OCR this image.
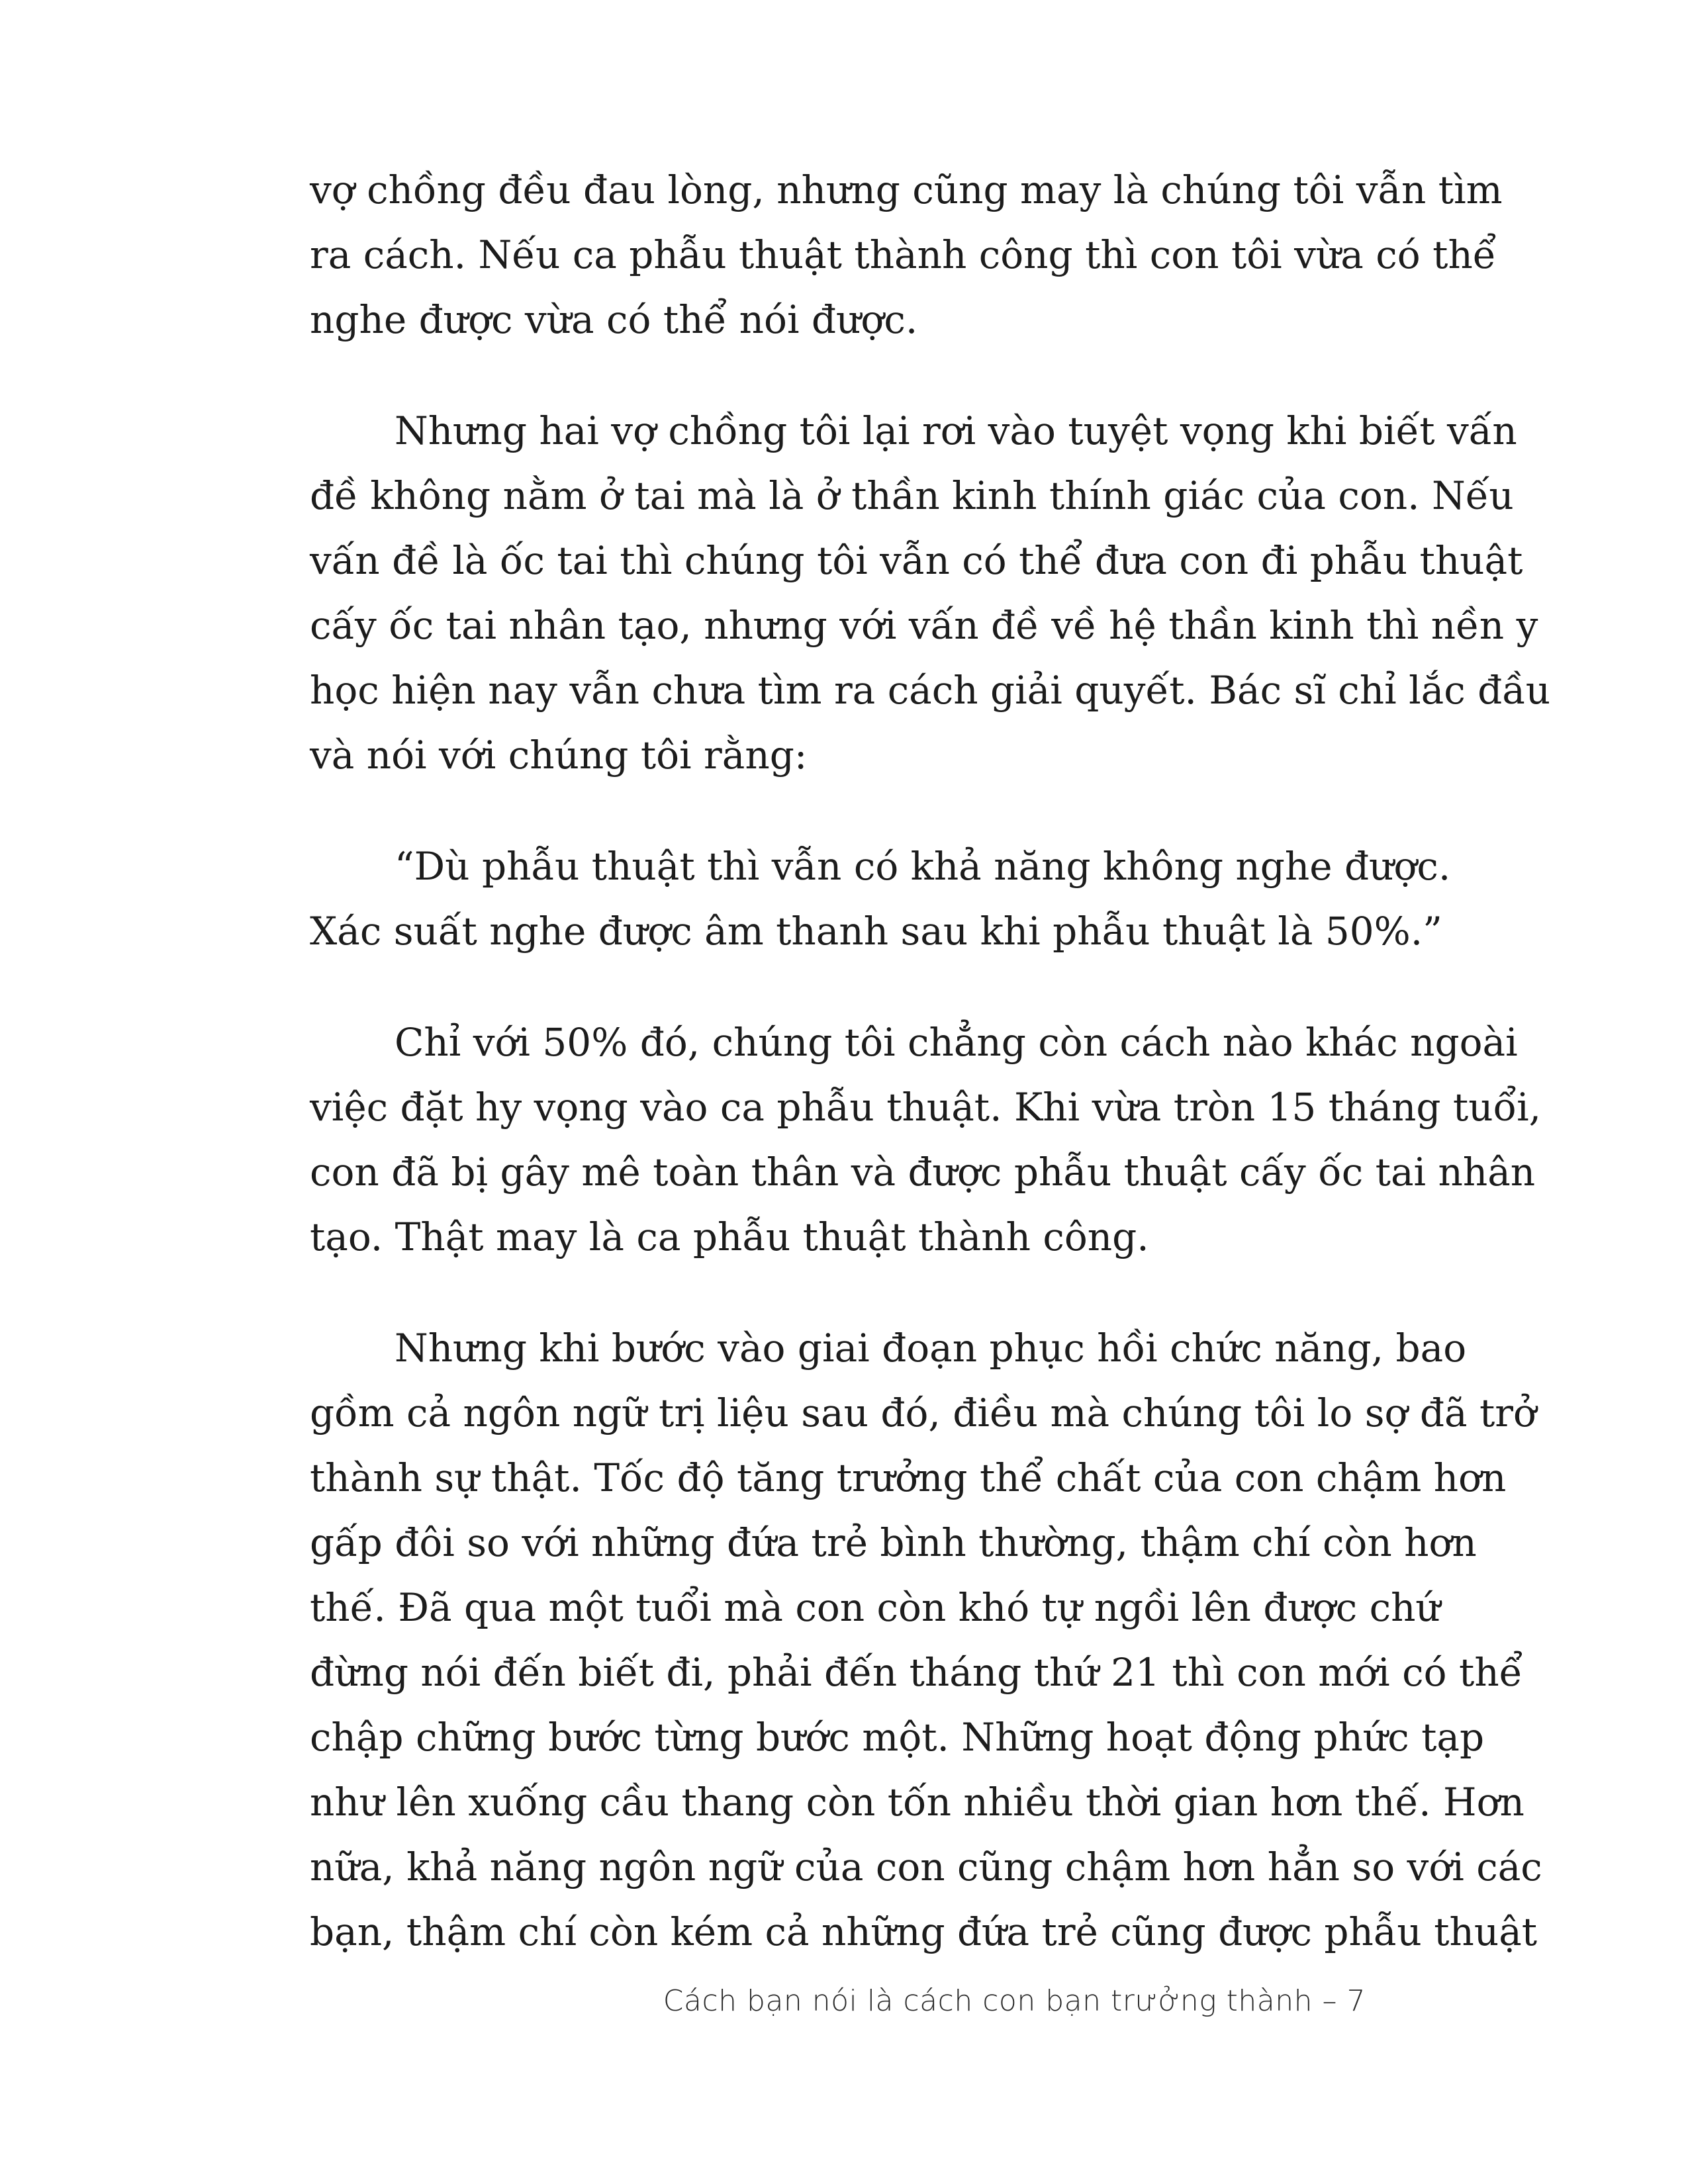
vợ chồng đều đau lòng, nhưng cũng may là chúng tôi vẫn tìm
ra cách. Nếu ca phẫu thuật thành công thì con tôi vừa có thể
nghe được vừa có thể nói được.
Nhưng hai vợ chồng tôi lại rơi vào tuyệt vọng khi biết vấn
đề không nằm ở tai mà là ở thần kinh thính giác của con. Nếu
vấn đề là ốc tai thì chúng tôi vẫn có thể đưa con đi phẫu thuật
cấy ốc tai nhân tạo, nhưng với vấn đề về hệ thần kinh thì nền y
học hiện nay vẫn chưa tìm ra cách giải quyết. Bác sĩ chỉ lắc đầu
và nói với chúng tôi rằng:
“Dù phẫu thuật thì vẫn có khả năng không nghe được.
Xác suất nghe được âm thanh sau khi phẫu thuật là 50%.”
Chỉ với 50% đó, chúng tôi chẳng còn cách nào khác ngoài
việc đặt hy vọng vào ca phẫu thuật. Khi vừa tròn 15 tháng tuổi,
con đã bị gây mê toàn thân và được phẫu thuật cấy ốc tai nhân
tạo. Thật may là ca phẫu thuật thành công.
Nhưng khi bước vào giai đoạn phục hồi chức năng, bao
gồm cả ngôn ngữ trị liệu sau đó, điều mà chúng tôi lo sợ đã trở
thành sự thật. Tốc độ tăng trưởng thể chất của con chậm hơn
gấp đôi so với những đứa trẻ bình thường, thậm chí còn hơn
thế. Đã qua một tuổi mà con còn khó tự ngồi lên được chứ
đừng nói đến biết đi, phải đến tháng thứ 21 thì con mới có thể
chập chững bước từng bước một. Những hoạt động phức tạp
như lên xuống cầu thang còn tốn nhiều thời gian hơn thế. Hơn
nữa, khả năng ngôn ngữ của con cũng chậm hơn hẳn so với các
bạn, thậm chí còn kém cả những đứa trẻ cũng được phẫu thuật
Cách bạn nói là cách con bạn trưởng thành – 7
